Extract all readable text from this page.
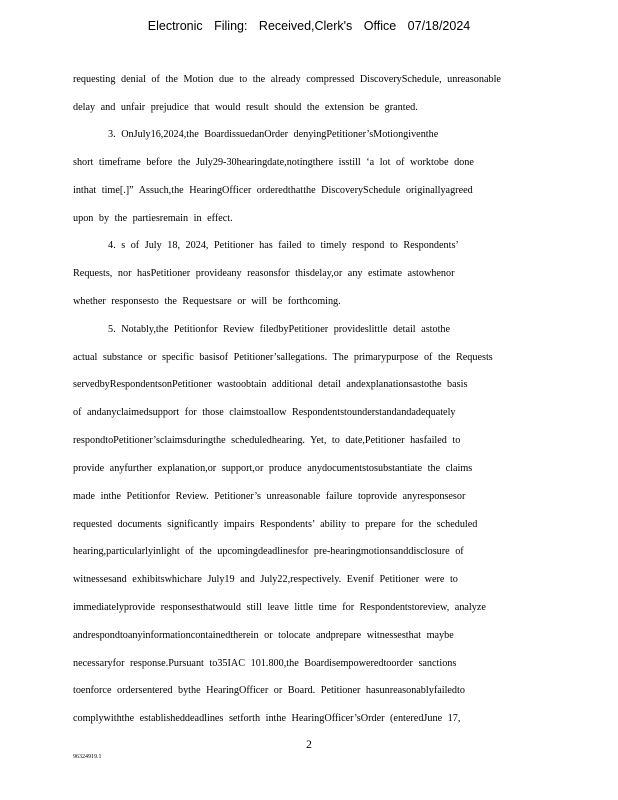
Electronic Filing: Received,Clerk's Office 07/18/2024
requesting denial of the Motion due to the already compressed DiscoverySchedule, unreasonable
delay and unfair prejudice that would result should the extension be granted.
3. OnJuly16,2024,the BoardissuedanOrder denyingPetitioner’sMotiongiventhe
short timeframe before the July29-30hearingdate,notingthere isstill ‘a lot of worktobe done
inthat time[.]” Assuch,the HearingOfficer orderedthatthe DiscoverySchedule originallyagreed
upon by the partiesremain in effect.
4. s of July 18, 2024, Petitioner has failed to timely respond to Respondents’
Requests, nor hasPetitioner provideany reasonsfor thisdelay,or any estimate astowhenor
whether responsesto the Requestsare or will be forthcoming.
5. Notably,the Petitionfor Review filedbyPetitioner provideslittle detail astothe
actual substance or specific basisof Petitioner’sallegations. The primarypurpose of the Requests
servedbyRespondentsonPetitioner wastoobtain additional detail andexplanationsastothe basis
of andanyclaimedsupport for those claimstoallow Respondentstounderstandandadequately
respondtoPetitioner’sclaimsduringthe scheduledhearing. Yet, to date,Petitioner hasfailed to
provide anyfurther explanation,or support,or produce anydocumentstosubstantiate the claims
made inthe Petitionfor Review. Petitioner’s unreasonable failure toprovide anyresponsesor
requested documents significantly impairs Respondents’ ability to prepare for the scheduled
hearing,particularlyinlight of the upcomingdeadlinesfor pre-hearingmotionsanddisclosure of
witnessesand exhibitswhichare July19 and July22,respectively. Evenif Petitioner were to
immediatelyprovide responsesthatwould still leave little time for Respondentstoreview, analyze
andrespondtoanyinformationcontainedtherein or tolocate andprepare witnessesthat maybe
necessaryfor response.Pursuant to35IAC 101.800,the Boardisempoweredtoorder sanctions
toenforce ordersentered bythe HearingOfficer or Board. Petitioner hasunreasonablyfailedto
complywiththe establisheddeadlines setforth inthe HearingOfficer’sOrder (enteredJune 17,
2
96324919.1
